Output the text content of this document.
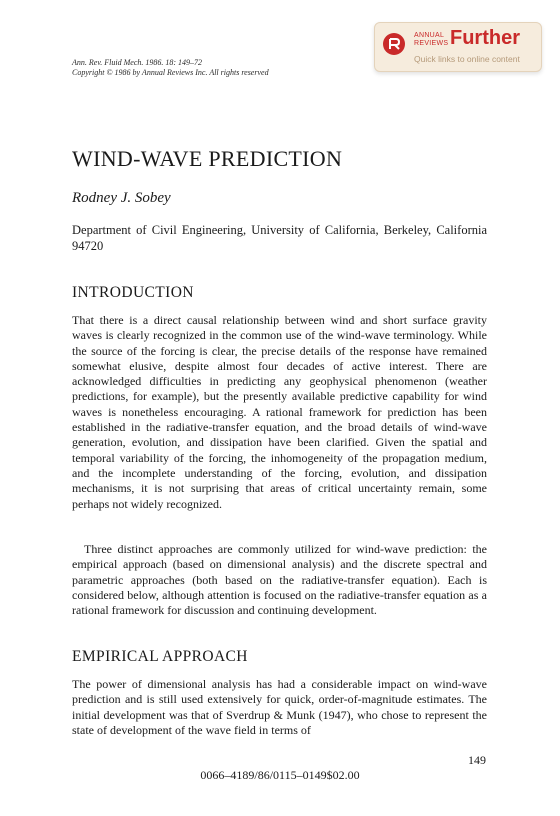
ANNUAL
REVIEWS Further
Quick links to online content
Ann. Rev. Fluid Mech. 1986. 18: 149–72
Copyright © 1986 by Annual Reviews Inc. All rights reserved
WIND-WAVE PREDICTION
Rodney J. Sobey
Department of Civil Engineering, University of California, Berkeley, California 94720
INTRODUCTION

That there is a direct causal relationship between wind and short surface gravity waves is clearly recognized in the common use of the wind-wave terminology. While the source of the forcing is clear, the precise details of the response have remained somewhat elusive, despite almost four decades of active interest. There are acknowledged difficulties in predicting any geophysical phenomenon (weather predictions, for example), but the presently available predictive capability for wind waves is nonetheless encouraging. A rational framework for prediction has been established in the radiative-transfer equation, and the broad details of wind-wave generation, evolution, and dissipation have been clarified. Given the spatial and temporal variability of the forcing, the inhomogeneity of the propagation medium, and the incomplete understanding of the forcing, evolution, and dissipation mechanisms, it is not surprising that areas of critical uncertainty remain, some perhaps not widely recognized.

Three distinct approaches are commonly utilized for wind-wave prediction: the empirical approach (based on dimensional analysis) and the discrete spectral and parametric approaches (both based on the radiative-transfer equation). Each is considered below, although attention is focused on the radiative-transfer equation as a rational framework for discussion and continuing development.

EMPIRICAL APPROACH

The power of dimensional analysis has had a considerable impact on wind-wave prediction and is still used extensively for quick, order-of-magnitude estimates. The initial development was that of Sverdrup & Munk (1947), who chose to represent the state of development of the wave field in terms of

149
0066–4189/86/0115–0149$02.00
